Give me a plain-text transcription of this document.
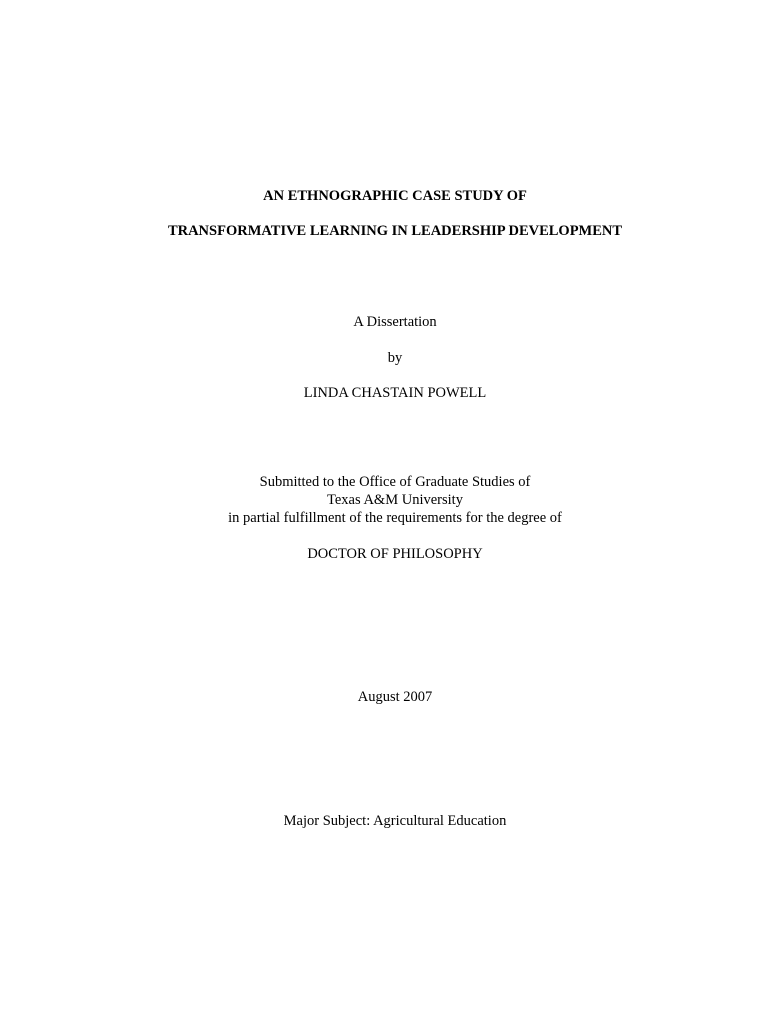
AN ETHNOGRAPHIC CASE STUDY OF
TRANSFORMATIVE LEARNING IN LEADERSHIP DEVELOPMENT
A Dissertation
by
LINDA CHASTAIN POWELL
Submitted to the Office of Graduate Studies of
Texas A&M University
in partial fulfillment of the requirements for the degree of
DOCTOR OF PHILOSOPHY
August 2007
Major Subject: Agricultural Education
